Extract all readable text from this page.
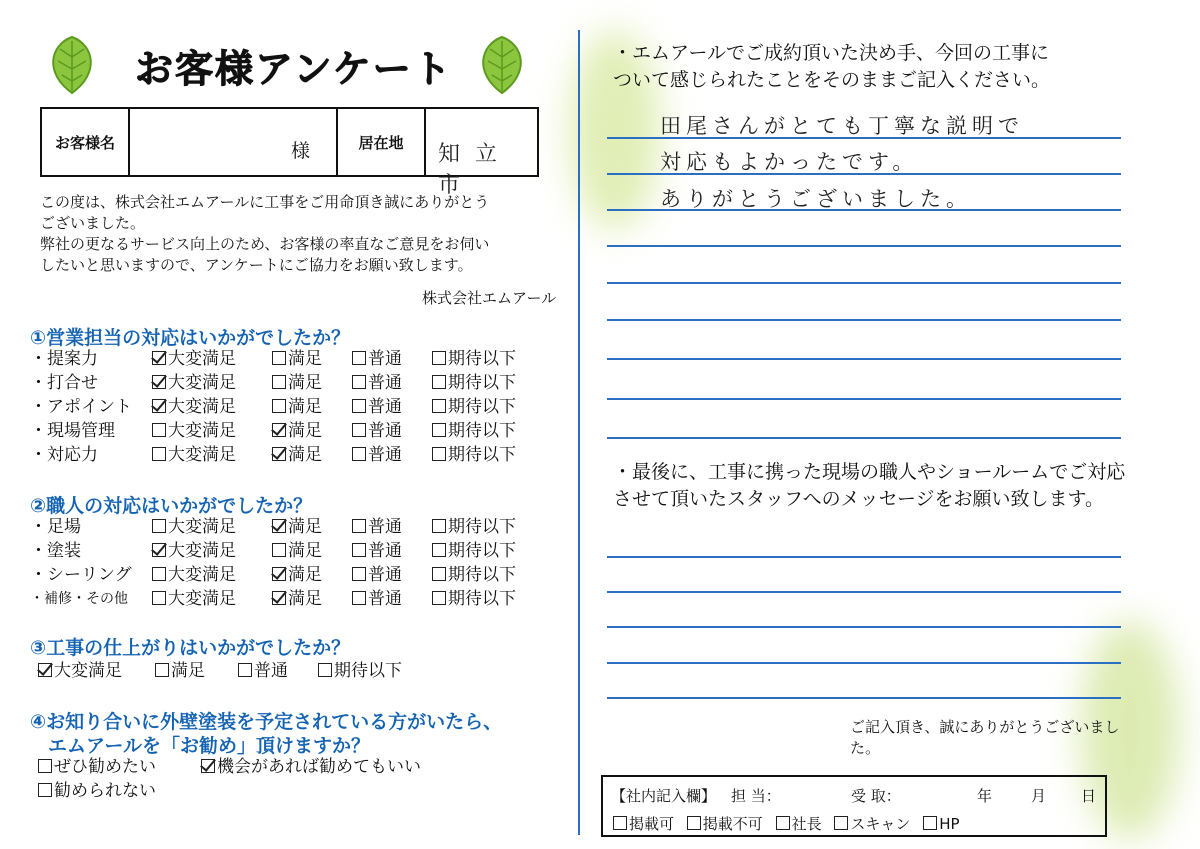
お客様アンケート
お客様名	様	居在地	知 立 市
この度は、株式会社エムアールに工事をご用命頂き誠にありがとう
ございました。
弊社の更なるサービス向上のため、お客様の率直なご意見をお伺い
したいと思いますので、アンケートにご協力をお願い致します。
株式会社エムアール
①営業担当の対応はいかがでしたか？
・提案力	大変満足	満足	普通	期待以下
・打合せ	大変満足	満足	普通	期待以下
・アポイント	大変満足	満足	普通	期待以下
・現場管理	大変満足	満足	普通	期待以下
・対応力	大変満足	満足	普通	期待以下
②職人の対応はいかがでしたか？
・足場	大変満足	満足	普通	期待以下
・塗装	大変満足	満足	普通	期待以下
・シーリング	大変満足	満足	普通	期待以下
・補修・その他	大変満足	満足	普通	期待以下
③工事の仕上がりはいかがでしたか？
大変満足	満足	普通	期待以下
④お知り合いに外壁塗装を予定されている方がいたら、
エムアールを「お勧め」頂けますか？
ぜひ勧めたい	機会があれば勧めてもいい
勧められない
・エムアールでご成約頂いた決め手、今回の工事に
ついて感じられたことをそのままご記入ください。
田尾さんがとても丁寧な説明で
対応もよかったです。
ありがとうございました。
・最後に、工事に携った現場の職人やショールームでご対応
させて頂いたスタッフへのメッセージをお願い致します。
ご記入頂き、誠にありがとうございました。
【社内記入欄】 担 当：	受 取：	年	月 日
掲載可 掲載不可 社長 スキャン HP
